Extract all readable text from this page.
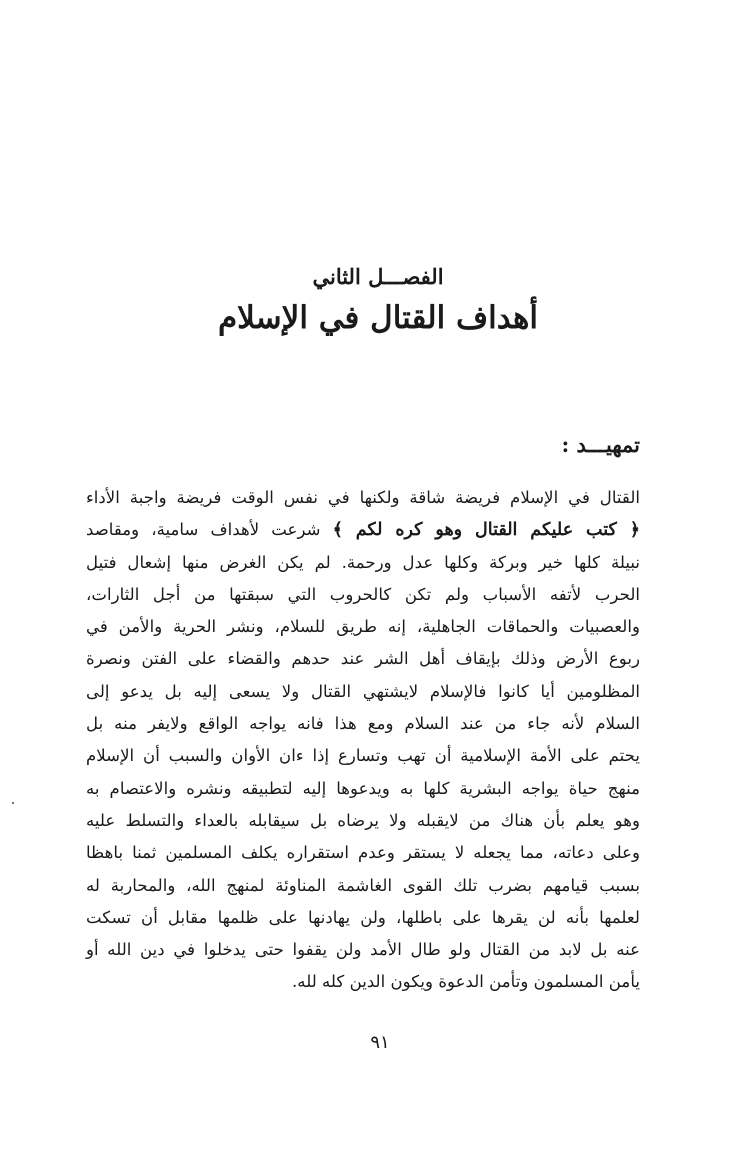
الفصـــل الثاني
أهداف القتال في الإسلام
تمهيـــد :
القتال في الإسلام فريضة شاقة ولكنها في نفس الوقت فريضة واجبة الأداء
﴿ كتب عليكم القتال وهو كره لكم ﴾ شرعت لأهداف سامية، ومقاصد
نبيلة كلها خير وبركة وكلها عدل ورحمة. لم يكن الغرض منها إشعال فتيل
الحرب لأتفه الأسباب ولم تكن كالحروب التي سبقتها من أجل الثارات،
والعصبيات والحماقات الجاهلية، إنه طريق للسلام، ونشر الحرية والأمن في
ربوع الأرض وذلك بإيقاف أهل الشر عند حدهم والقضاء على الفتن ونصرة
المظلومين أيا كانوا فالإسلام لايشتهي القتال ولا يسعى إليه بل يدعو إلى
السلام لأنه جاء من عند السلام ومع هذا فانه يواجه الواقع ولايفر منه بل
يحتم على الأمة الإسلامية أن تهب وتسارع إذا ءان الأوان والسبب أن الإسلام
منهج حياة يواجه البشرية كلها به ويدعوها إليه لتطبيقه ونشره والاعتصام به
وهو يعلم بأن هناك من لايقبله ولا يرضاه بل سيقابله بالعداء والتسلط عليه
وعلى دعاته، مما يجعله لا يستقر وعدم استقراره يكلف المسلمين ثمنا باهظا
بسبب قيامهم بضرب تلك القوى الغاشمة المناوئة لمنهج الله، والمحاربة له
لعلمها بأنه لن يقرها على باطلها، ولن يهادنها على ظلمها مقابل أن تسكت
عنه بل لابد من القتال ولو طال الأمد ولن يقفوا حتى يدخلوا في دين الله أو
يأمن المسلمون وتأمن الدعوة ويكون الدين كله لله.
٩١
